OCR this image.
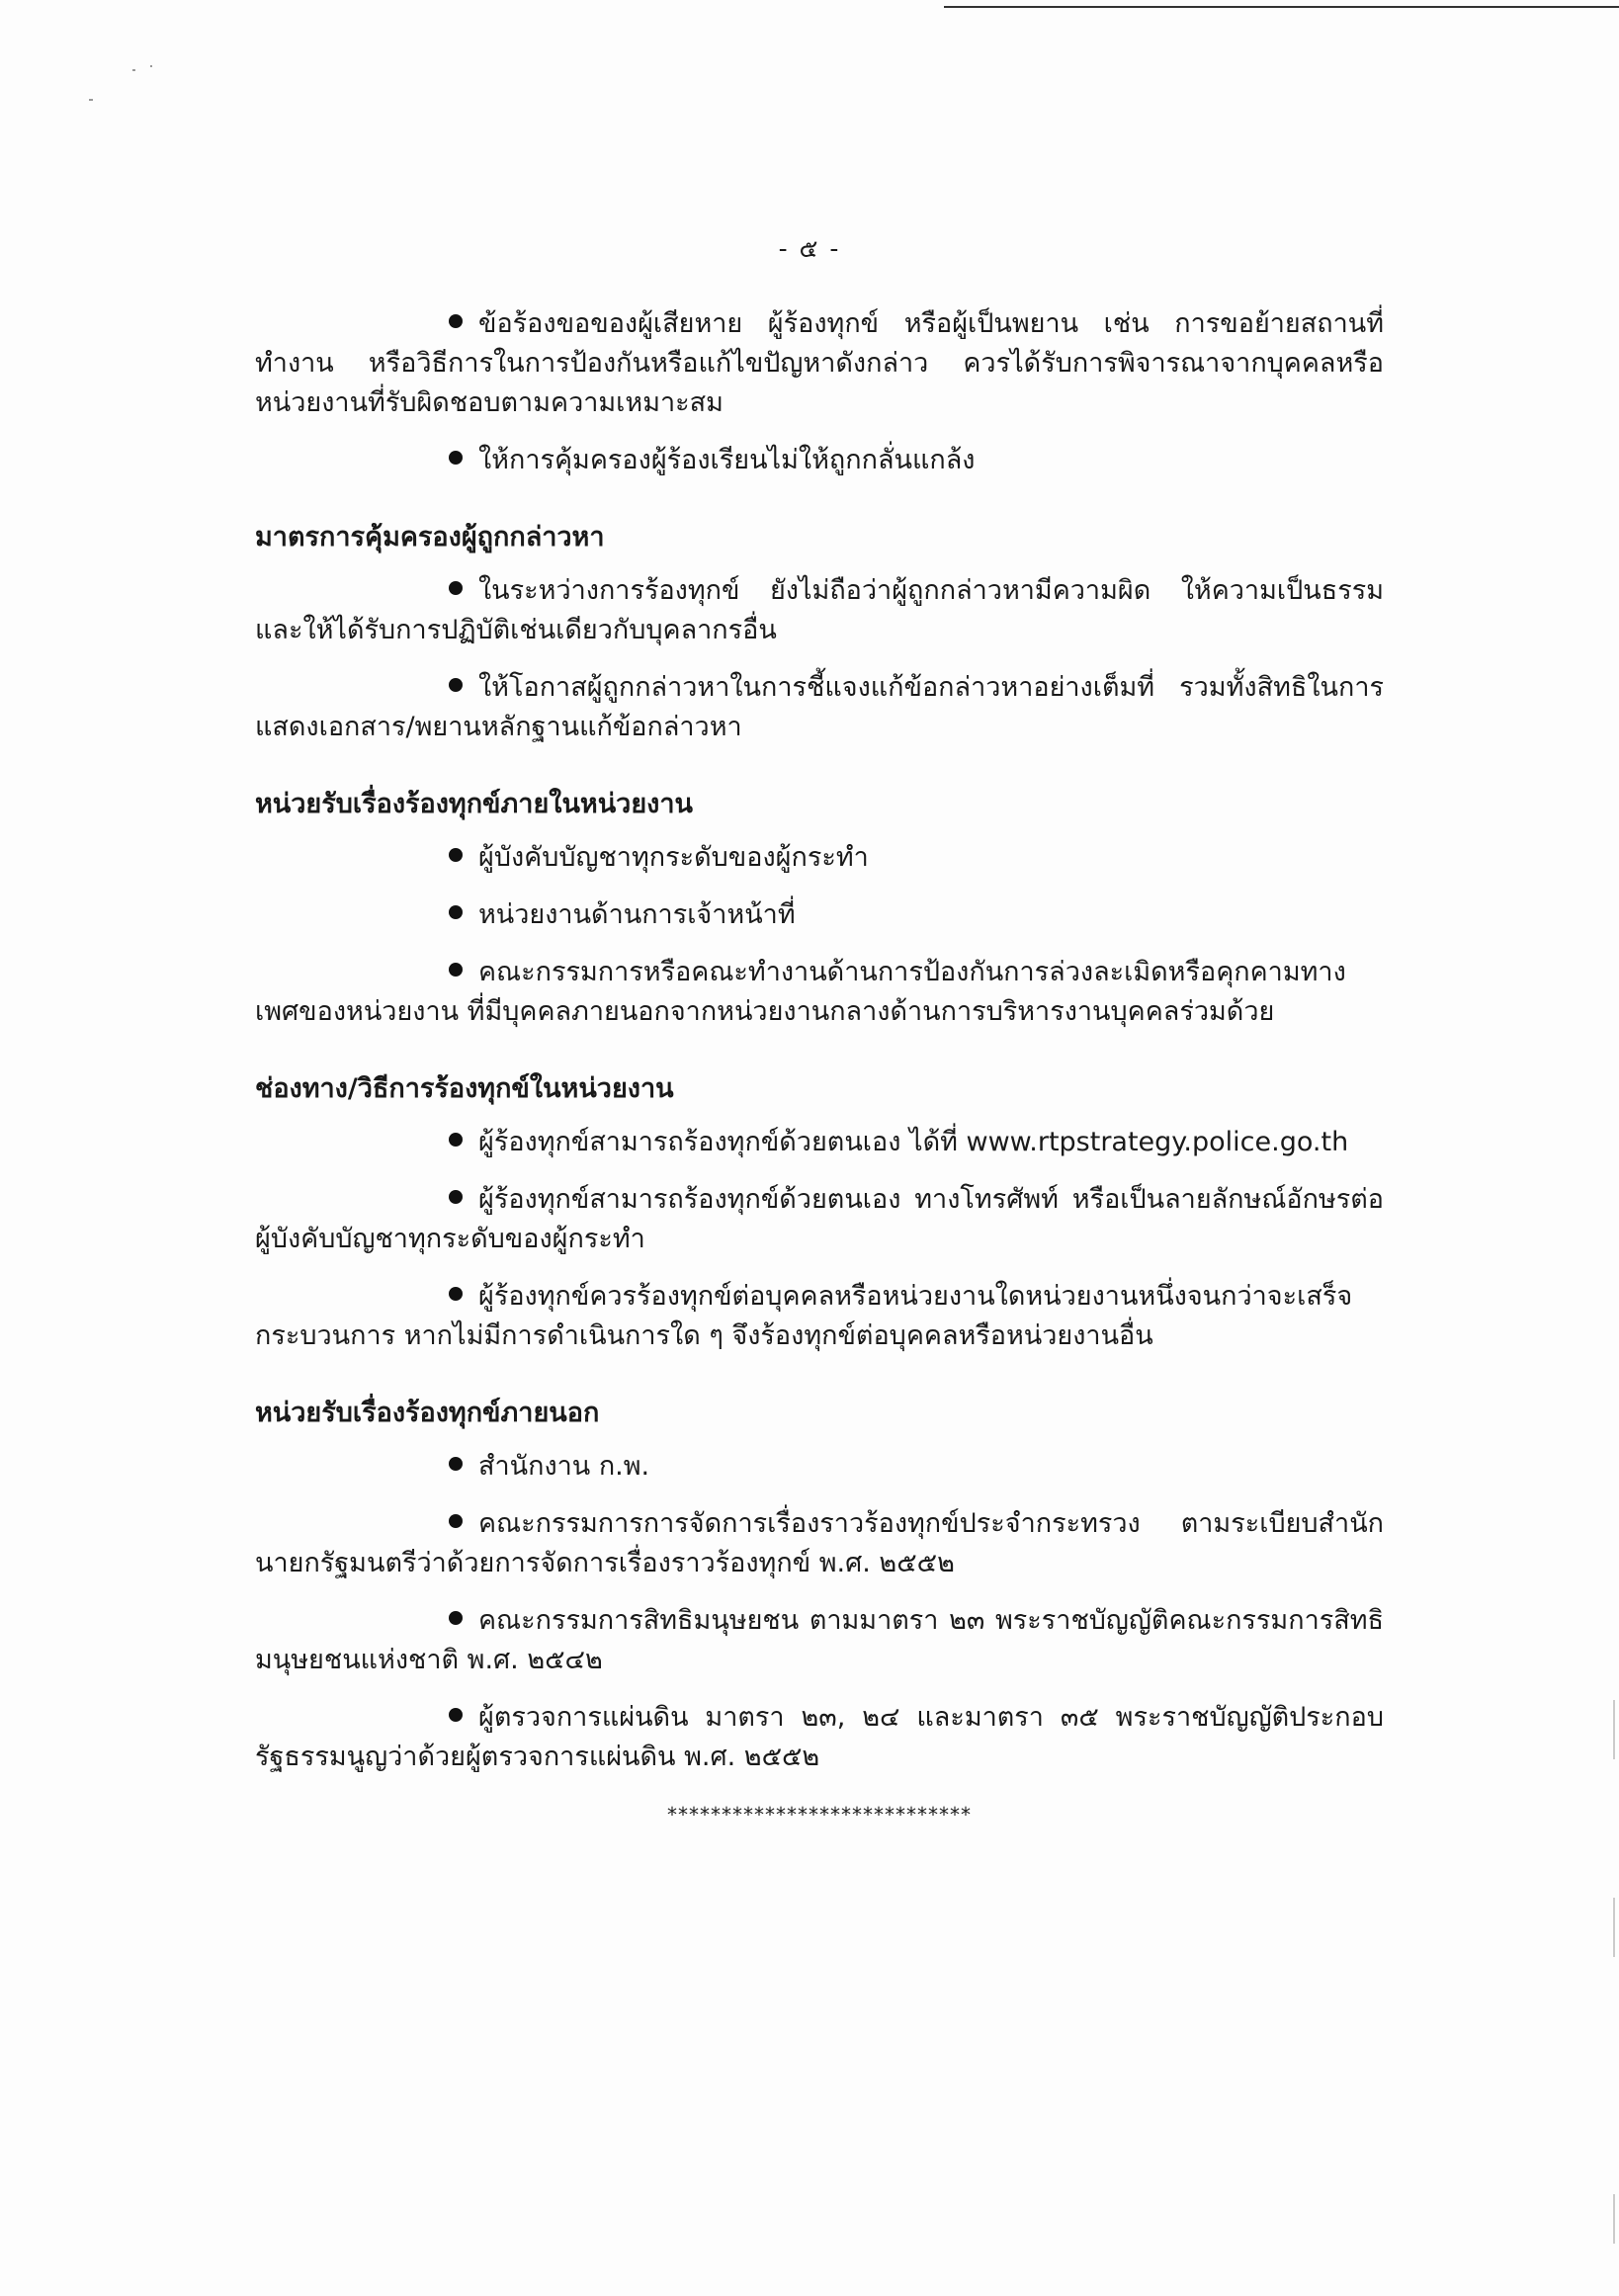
- ๕ -

ข้อร้องขอของผู้เสียหาย ผู้ร้องทุกข์ หรือผู้เป็นพยาน เช่น การขอย้ายสถานที่ทำงาน หรือวิธีการในการป้องกันหรือแก้ไขปัญหาดังกล่าว ควรได้รับการพิจารณาจากบุคคลหรือหน่วยงานที่รับผิดชอบตามความเหมาะสม

ให้การคุ้มครองผู้ร้องเรียนไม่ให้ถูกกลั่นแกล้ง

มาตรการคุ้มครองผู้ถูกกล่าวหา

ในระหว่างการร้องทุกข์ ยังไม่ถือว่าผู้ถูกกล่าวหามีความผิด ให้ความเป็นธรรม และให้ได้รับการปฏิบัติเช่นเดียวกับบุคลากรอื่น

ให้โอกาสผู้ถูกกล่าวหาในการชี้แจงแก้ข้อกล่าวหาอย่างเต็มที่ รวมทั้งสิทธิในการแสดงเอกสาร/พยานหลักฐานแก้ข้อกล่าวหา

หน่วยรับเรื่องร้องทุกข์ภายในหน่วยงาน

ผู้บังคับบัญชาทุกระดับของผู้กระทำ

หน่วยงานด้านการเจ้าหน้าที่

คณะกรรมการหรือคณะทำงานด้านการป้องกันการล่วงละเมิดหรือคุกคามทางเพศของหน่วยงาน ที่มีบุคคลภายนอกจากหน่วยงานกลางด้านการบริหารงานบุคคลร่วมด้วย

ช่องทาง/วิธีการร้องทุกข์ในหน่วยงาน

ผู้ร้องทุกข์สามารถร้องทุกข์ด้วยตนเอง ได้ที่ www.rtpstrategy.police.go.th

ผู้ร้องทุกข์สามารถร้องทุกข์ด้วยตนเอง ทางโทรศัพท์ หรือเป็นลายลักษณ์อักษรต่อผู้บังคับบัญชาทุกระดับของผู้กระทำ

ผู้ร้องทุกข์ควรร้องทุกข์ต่อบุคคลหรือหน่วยงานใดหน่วยงานหนึ่งจนกว่าจะเสร็จกระบวนการ หากไม่มีการดำเนินการใด ๆ จึงร้องทุกข์ต่อบุคคลหรือหน่วยงานอื่น

หน่วยรับเรื่องร้องทุกข์ภายนอก

สำนักงาน ก.พ.

คณะกรรมการการจัดการเรื่องราวร้องทุกข์ประจำกระทรวง ตามระเบียบสำนักนายกรัฐมนตรีว่าด้วยการจัดการเรื่องราวร้องทุกข์ พ.ศ. ๒๕๕๒

คณะกรรมการสิทธิมนุษยชน ตามมาตรา ๒๓ พระราชบัญญัติคณะกรรมการสิทธิมนุษยชนแห่งชาติ พ.ศ. ๒๕๔๒

ผู้ตรวจการแผ่นดิน มาตรา ๒๓, ๒๔ และมาตรา ๓๕ พระราชบัญญัติประกอบรัฐธรรมนูญว่าด้วยผู้ตรวจการแผ่นดิน พ.ศ. ๒๕๕๒

****************************
